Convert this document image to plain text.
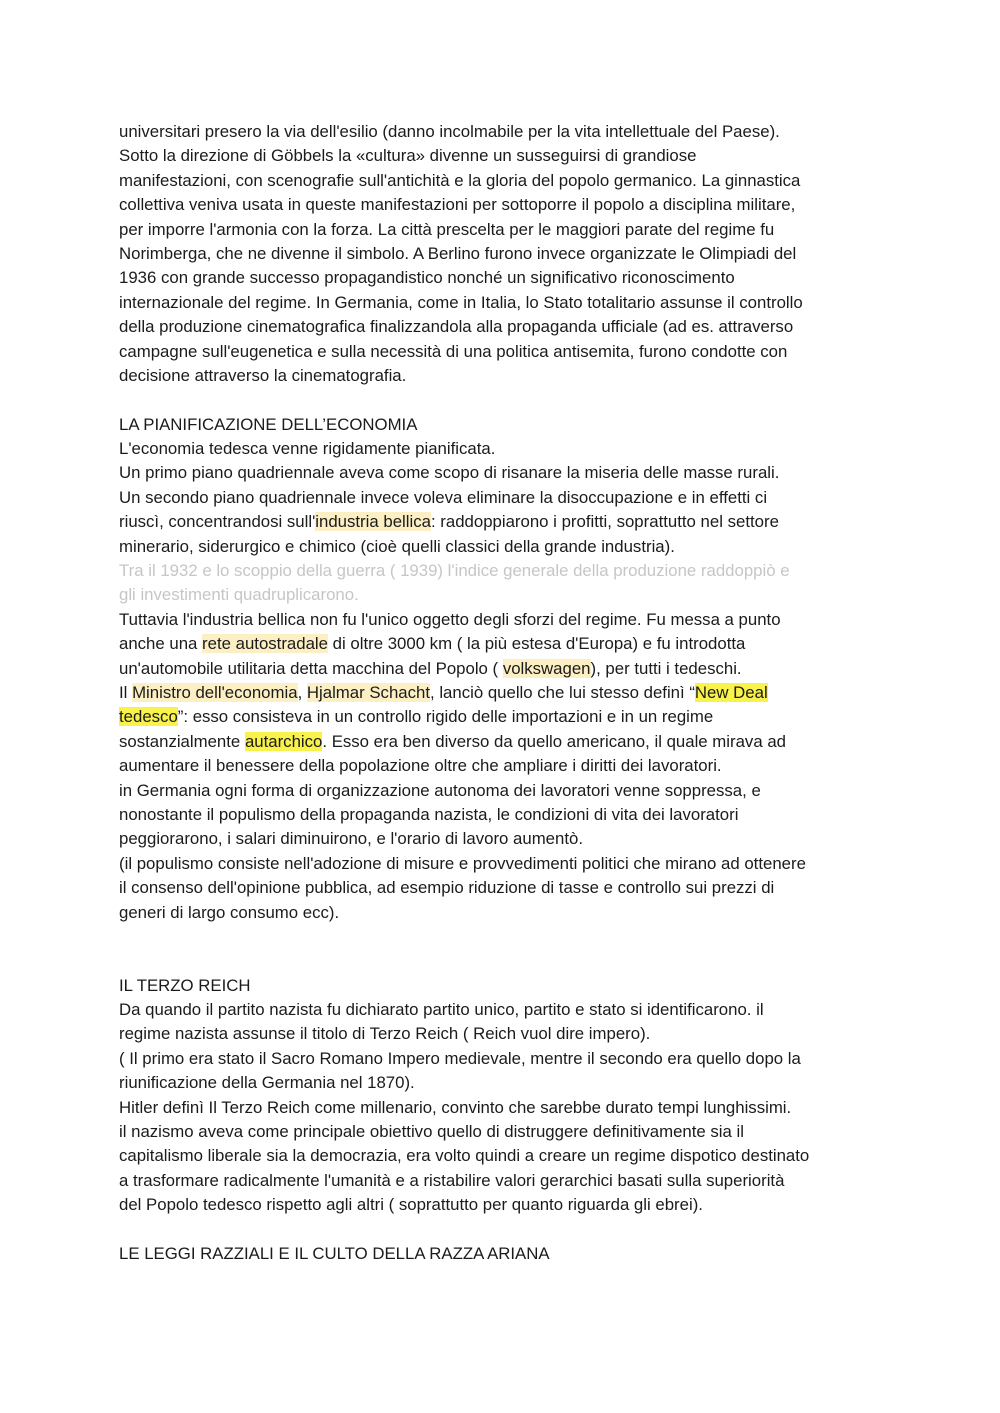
universitari presero la via dell'esilio (danno incolmabile per la vita intellettuale del Paese).
Sotto la direzione di Göbbels la «cultura» divenne un susseguirsi di grandiose
manifestazioni, con scenografie sull'antichità e la gloria del popolo germanico. La ginnastica
collettiva veniva usata in queste manifestazioni per sottoporre il popolo a disciplina militare,
per imporre l'armonia con la forza. La città prescelta per le maggiori parate del regime fu
Norimberga, che ne divenne il simbolo. A Berlino furono invece organizzate le Olimpiadi del
1936 con grande successo propagandistico nonché un significativo riconoscimento
internazionale del regime. In Germania, come in Italia, lo Stato totalitario assunse il controllo
della produzione cinematografica finalizzandola alla propaganda ufficiale (ad es. attraverso
campagne sull'eugenetica e sulla necessità di una politica antisemita, furono condotte con
decisione attraverso la cinematografia.
LA PIANIFICAZIONE DELL’ECONOMIA
L'economia tedesca venne rigidamente pianificata.
Un primo piano quadriennale aveva come scopo di risanare la miseria delle masse rurali.
Un secondo piano quadriennale invece voleva eliminare la disoccupazione e in effetti ci
riuscì, concentrandosi sull'industria bellica: raddoppiarono i profitti, soprattutto nel settore
minerario, siderurgico e chimico (cioè quelli classici della grande industria).
Tra il 1932 e lo scoppio della guerra ( 1939) l'indice generale della produzione raddoppiò e
gli investimenti quadruplicarono.
Tuttavia l'industria bellica non fu l'unico oggetto degli sforzi del regime. Fu messa a punto
anche una rete autostradale di oltre 3000 km ( la più estesa d'Europa) e fu introdotta
un'automobile utilitaria detta macchina del Popolo ( volkswagen), per tutti i tedeschi.
Il Ministro dell'economia, Hjalmar Schacht, lanciò quello che lui stesso definì “New Deal
tedesco”: esso consisteva in un controllo rigido delle importazioni e in un regime
sostanzialmente autarchico. Esso era ben diverso da quello americano, il quale mirava ad
aumentare il benessere della popolazione oltre che ampliare i diritti dei lavoratori.
in Germania ogni forma di organizzazione autonoma dei lavoratori venne soppressa, e
nonostante il populismo della propaganda nazista, le condizioni di vita dei lavoratori
peggiorarono, i salari diminuirono, e l'orario di lavoro aumentò.
(il populismo consiste nell'adozione di misure e provvedimenti politici che mirano ad ottenere
il consenso dell'opinione pubblica, ad esempio riduzione di tasse e controllo sui prezzi di
generi di largo consumo ecc).
IL TERZO REICH
Da quando il partito nazista fu dichiarato partito unico, partito e stato si identificarono. il
regime nazista assunse il titolo di Terzo Reich ( Reich vuol dire impero).
( Il primo era stato il Sacro Romano Impero medievale, mentre il secondo era quello dopo la
riunificazione della Germania nel 1870).
Hitler definì Il Terzo Reich come millenario, convinto che sarebbe durato tempi lunghissimi.
il nazismo aveva come principale obiettivo quello di distruggere definitivamente sia il
capitalismo liberale sia la democrazia, era volto quindi a creare un regime dispotico destinato
a trasformare radicalmente l'umanità e a ristabilire valori gerarchici basati sulla superiorità
del Popolo tedesco rispetto agli altri ( soprattutto per quanto riguarda gli ebrei).
LE LEGGI RAZZIALI E IL CULTO DELLA RAZZA ARIANA
